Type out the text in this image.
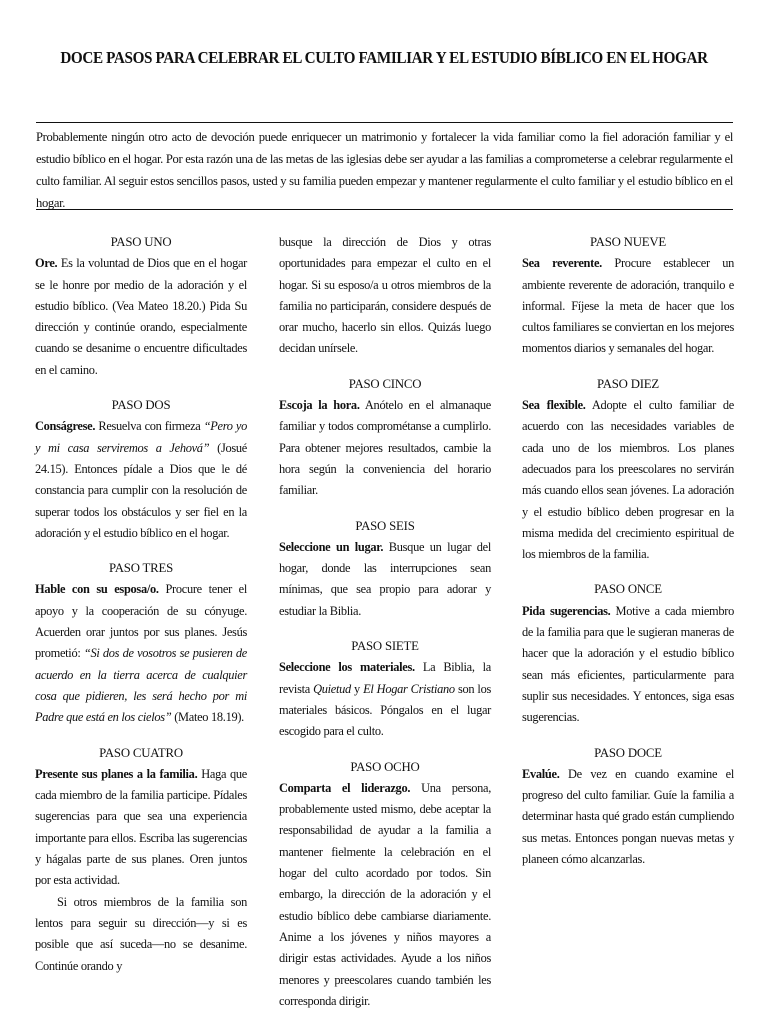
DOCE PASOS PARA CELEBRAR EL CULTO FAMILIAR Y EL ESTUDIO BÍBLICO EN EL HOGAR
Probablemente ningún otro acto de devoción puede enriquecer un matrimonio y fortalecer la vida familiar como la fiel adoración familiar y el estudio bíblico en el hogar. Por esta razón una de las metas de las iglesias debe ser ayudar a las familias a comprometerse a celebrar regularmente el culto familiar. Al seguir estos sencillos pasos, usted y su familia pueden empezar y mantener regularmente el culto familiar y el estudio bíblico en el hogar.
PASO UNO
Ore. Es la voluntad de Dios que en el hogar se le honre por medio de la adoración y el estudio bíblico. (Vea Mateo 18.20.) Pida Su dirección y continúe orando, especialmente cuando se desanime o encuentre dificultades en el camino.
PASO DOS
Conságrese. Resuelva con firmeza “Pero yo y mi casa serviremos a Jehová” (Josué 24.15). Entonces pídale a Dios que le dé constancia para cumplir con la resolución de superar todos los obstáculos y ser fiel en la adoración y el estudio bíblico en el hogar.
PASO TRES
Hable con su esposa/o. Procure tener el apoyo y la cooperación de su cónyuge. Acuerden orar juntos por sus planes. Jesús prometió: “Si dos de vosotros se pusieren de acuerdo en la tierra acerca de cualquier cosa que pidieren, les será hecho por mi Padre que está en los cielos” (Mateo 18.19).
PASO CUATRO
Presente sus planes a la familia. Haga que cada miembro de la familia participe. Pídales sugerencias para que sea una experiencia importante para ellos. Escriba las sugerencias y hágalas parte de sus planes. Oren juntos por esta actividad.
Si otros miembros de la familia son lentos para seguir su dirección—y si es posible que así suceda—no se desanime. Continúe orando y
busque la dirección de Dios y otras oportunidades para empezar el culto en el hogar. Si su esposo/a u otros miembros de la familia no participarán, considere después de orar mucho, hacerlo sin ellos. Quizás luego decidan unírsele.
PASO CINCO
Escoja la hora. Anótelo en el almanaque familiar y todos comprométanse a cumplirlo. Para obtener mejores resultados, cambie la hora según la conveniencia del horario familiar.
PASO SEIS
Seleccione un lugar. Busque un lugar del hogar, donde las interrupciones sean mínimas, que sea propio para adorar y estudiar la Biblia.
PASO SIETE
Seleccione los materiales. La Biblia, la revista Quietud y El Hogar Cristiano son los materiales básicos. Póngalos en el lugar escogido para el culto.
PASO OCHO
Comparta el liderazgo. Una persona, probablemente usted mismo, debe aceptar la responsabilidad de ayudar a la familia a mantener fielmente la celebración en el hogar del culto acordado por todos. Sin embargo, la dirección de la adoración y el estudio bíblico debe cambiarse diariamente. Anime a los jóvenes y niños mayores a dirigir estas actividades. Ayude a los niños menores y preescolares cuando también les corresponda dirigir.
PASO NUEVE
Sea reverente. Procure establecer un ambiente reverente de adoración, tranquilo e informal. Fíjese la meta de hacer que los cultos familiares se conviertan en los mejores momentos diarios y semanales del hogar.
PASO DIEZ
Sea flexible. Adopte el culto familiar de acuerdo con las necesidades variables de cada uno de los miembros. Los planes adecuados para los preescolares no servirán más cuando ellos sean jóvenes. La adoración y el estudio bíblico deben progresar en la misma medida del crecimiento espiritual de los miembros de la familia.
PASO ONCE
Pida sugerencias. Motive a cada miembro de la familia para que le sugieran maneras de hacer que la adoración y el estudio bíblico sean más eficientes, particularmente para suplir sus necesidades. Y entonces, siga esas sugerencias.
PASO DOCE
Evalúe. De vez en cuando examine el progreso del culto familiar. Guíe la familia a determinar hasta qué grado están cumpliendo sus metas. Entonces pongan nuevas metas y planeen cómo alcanzarlas.
